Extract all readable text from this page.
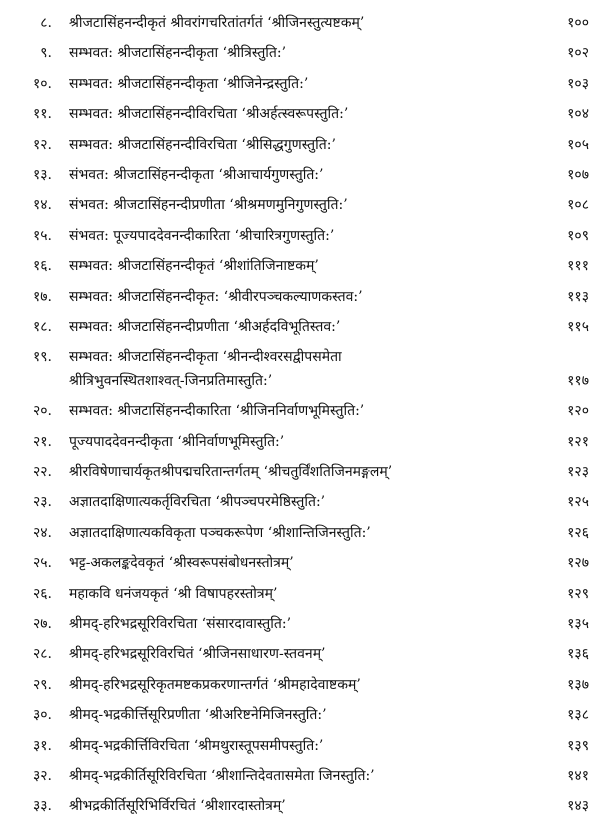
८. श्रीजटासिंहनन्दीकृतं श्रीवरांगचरितांतर्गतं ‘श्रीजिनस्तुत्यष्टकम्’	१००
९. सम्भवत: श्रीजटासिंहनन्दीकृता ‘श्रीत्रिस्तुति:’	१०२
१०. सम्भवत: श्रीजटासिंहनन्दीकृता ‘श्रीजिनेन्द्रस्तुति:’	१०३
११. सम्भवत: श्रीजटासिंहनन्दीविरचिता ‘श्रीअर्हत्स्वरूपस्तुति:’	१०४
१२. सम्भवत: श्रीजटासिंहनन्दीविरचिता ‘श्रीसिद्धगुणस्तुति:’	१०५
१३. संभवत: श्रीजटासिंहनन्दीकृता ‘श्रीआचार्यगुणस्तुति:’	१०७
१४. संभवत: श्रीजटासिंहनन्दीप्रणीता ‘श्रीश्रमणमुनिगुणस्तुति:’	१०८
१५. संभवत: पूज्यपाददेवनन्दीकारिता ‘श्रीचारित्रगुणस्तुति:’	१०९
१६. सम्भवत: श्रीजटासिंहनन्दीकृतं ‘श्रीशांतिजिनाष्टकम्’	१११
१७. सम्भवत: श्रीजटासिंहनन्दीकृत: ‘श्रीवीरपञ्चकल्याणकस्तव:’	११३
१८. सम्भवत: श्रीजटासिंहनन्दीप्रणीता ‘श्रीअर्हदविभूतिस्तव:’	११५
१९. सम्भवत: श्रीजटासिंहनन्दीकृता ‘श्रीनन्दीश्वरसद्वीपसमेता
श्रीत्रिभुवनस्थितशाश्वत्-जिनप्रतिमास्तुति:’	११७
२०. सम्भवत: श्रीजटासिंहनन्दीकारिता ‘श्रीजिननिर्वाणभूमिस्तुति:’	१२०
२१. पूज्यपाददेवनन्दीकृता ‘श्रीनिर्वाणभूमिस्तुति:’	१२१
२२. श्रीरविषेणाचार्यकृतश्रीपद्मचरितान्तर्गतम् ‘श्रीचतुर्विंशतिजिनमङ्गलम्’	१२३
२३. अज्ञातदाक्षिणात्यकर्तृविरचिता ‘श्रीपञ्चपरमेष्ठिस्तुति:’	१२५
२४. अज्ञातदाक्षिणात्यकविकृता पञ्चकरूपेण ‘श्रीशान्तिजिनस्तुति:’	१२६
२५. भट्ट-अकलङ्कदेवकृतं ‘श्रीस्वरूपसंबोधनस्तोत्रम्’	१२७
२६. महाकवि धनंजयकृतं ‘श्री विषापहरस्तोत्रम्’	१२९
२७. श्रीमद्-हरिभद्रसूरिविरचिता ‘संसारदावास्तुति:’	१३५
२८. श्रीमद्-हरिभद्रसूरिविरचितं ‘श्रीजिनसाधारण-स्तवनम्’	१३६
२९. श्रीमद्-हरिभद्रसूरिकृतमष्टकप्रकरणान्तर्गतं ‘श्रीमहादेवाष्टकम्’	१३७
३०. श्रीमद्-भद्रकीर्त्तिसूरिप्रणीता ‘श्रीअरिष्टनेमिजिनस्तुति:’	१३८
३१. श्रीमद्-भद्रकीर्त्तिविरचिता ‘श्रीमथुरास्तूपसमीपस्तुति:’	१३९
३२. श्रीमद्-भद्रकीर्तिसूरिविरचिता ‘श्रीशान्तिदेवतासमेता जिनस्तुति:’	१४१
३३. श्रीभद्रकीर्तिसूरिभिर्विरचितं ‘श्रीशारदास्तोत्रम्’	१४३
